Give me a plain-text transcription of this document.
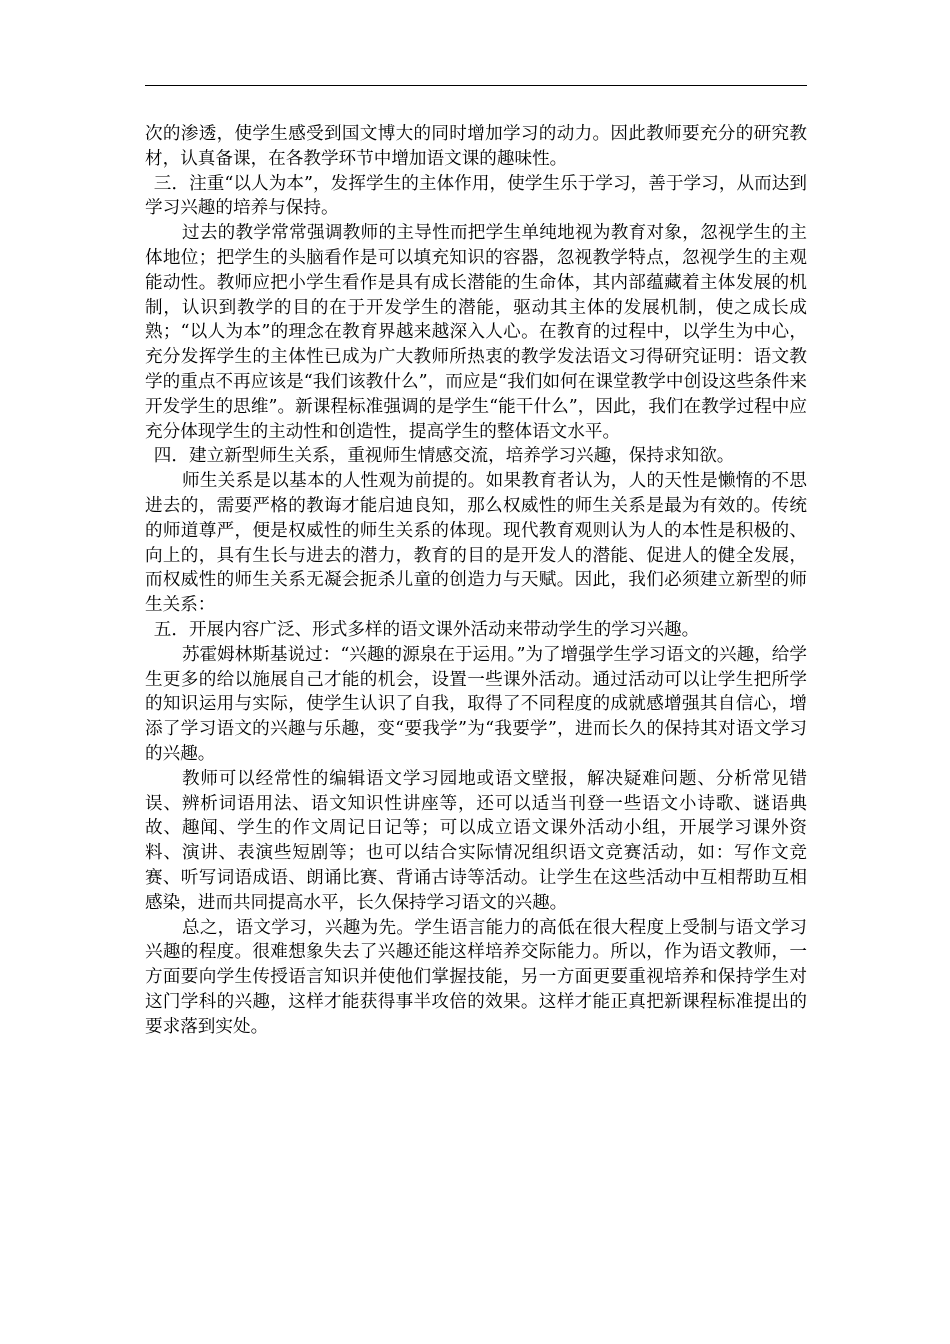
次的渗透，使学生感受到国文博大的同时增加学习的动力。因此教师要充分的研究教材，认真备课，在各教学环节中增加语文课的趣味性。

三．注重“以人为本”，发挥学生的主体作用，使学生乐于学习，善于学习，从而达到学习兴趣的培养与保持。

过去的教学常常强调教师的主导性而把学生单纯地视为教育对象，忽视学生的主体地位；把学生的头脑看作是可以填充知识的容器，忽视教学特点，忽视学生的主观能动性。教师应把小学生看作是具有成长潜能的生命体，其内部蕴藏着主体发展的机制，认识到教学的目的在于开发学生的潜能，驱动其主体的发展机制，使之成长成熟；“以人为本”的理念在教育界越来越深入人心。在教育的过程中，以学生为中心，充分发挥学生的主体性已成为广大教师所热衷的教学发法语文习得研究证明：语文教学的重点不再应该是“我们该教什么”，而应是“我们如何在课堂教学中创设这些条件来开发学生的思维”。新课程标准强调的是学生“能干什么”，因此，我们在教学过程中应充分体现学生的主动性和创造性，提高学生的整体语文水平。

四．建立新型师生关系，重视师生情感交流，培养学习兴趣，保持求知欲。

师生关系是以基本的人性观为前提的。如果教育者认为，人的天性是懒惰的不思进去的，需要严格的教诲才能启迪良知，那么权威性的师生关系是最为有效的。传统的师道尊严，便是权威性的师生关系的体现。现代教育观则认为人的本性是积极的、向上的，具有生长与进去的潜力，教育的目的是开发人的潜能、促进人的健全发展，而权威性的师生关系无凝会扼杀儿童的创造力与天赋。因此，我们必须建立新型的师生关系：

五．开展内容广泛、形式多样的语文课外活动来带动学生的学习兴趣。

苏霍姆林斯基说过：“兴趣的源泉在于运用。”为了增强学生学习语文的兴趣，给学生更多的给以施展自己才能的机会，设置一些课外活动。通过活动可以让学生把所学的知识运用与实际，使学生认识了自我，取得了不同程度的成就感增强其自信心，增添了学习语文的兴趣与乐趣，变“要我学”为“我要学”，进而长久的保持其对语文学习的兴趣。

教师可以经常性的编辑语文学习园地或语文壁报，解决疑难问题、分析常见错误、辨析词语用法、语文知识性讲座等，还可以适当刊登一些语文小诗歌、谜语典故、趣闻、学生的作文周记日记等；可以成立语文课外活动小组，开展学习课外资料、演讲、表演些短剧等；也可以结合实际情况组织语文竞赛活动，如：写作文竞赛、听写词语成语、朗诵比赛、背诵古诗等活动。让学生在这些活动中互相帮助互相感染，进而共同提高水平，长久保持学习语文的兴趣。

总之，语文学习，兴趣为先。学生语言能力的高低在很大程度上受制与语文学习兴趣的程度。很难想象失去了兴趣还能这样培养交际能力。所以，作为语文教师，一方面要向学生传授语言知识并使他们掌握技能，另一方面更要重视培养和保持学生对这门学科的兴趣，这样才能获得事半攻倍的效果。这样才能正真把新课程标准提出的要求落到实处。
